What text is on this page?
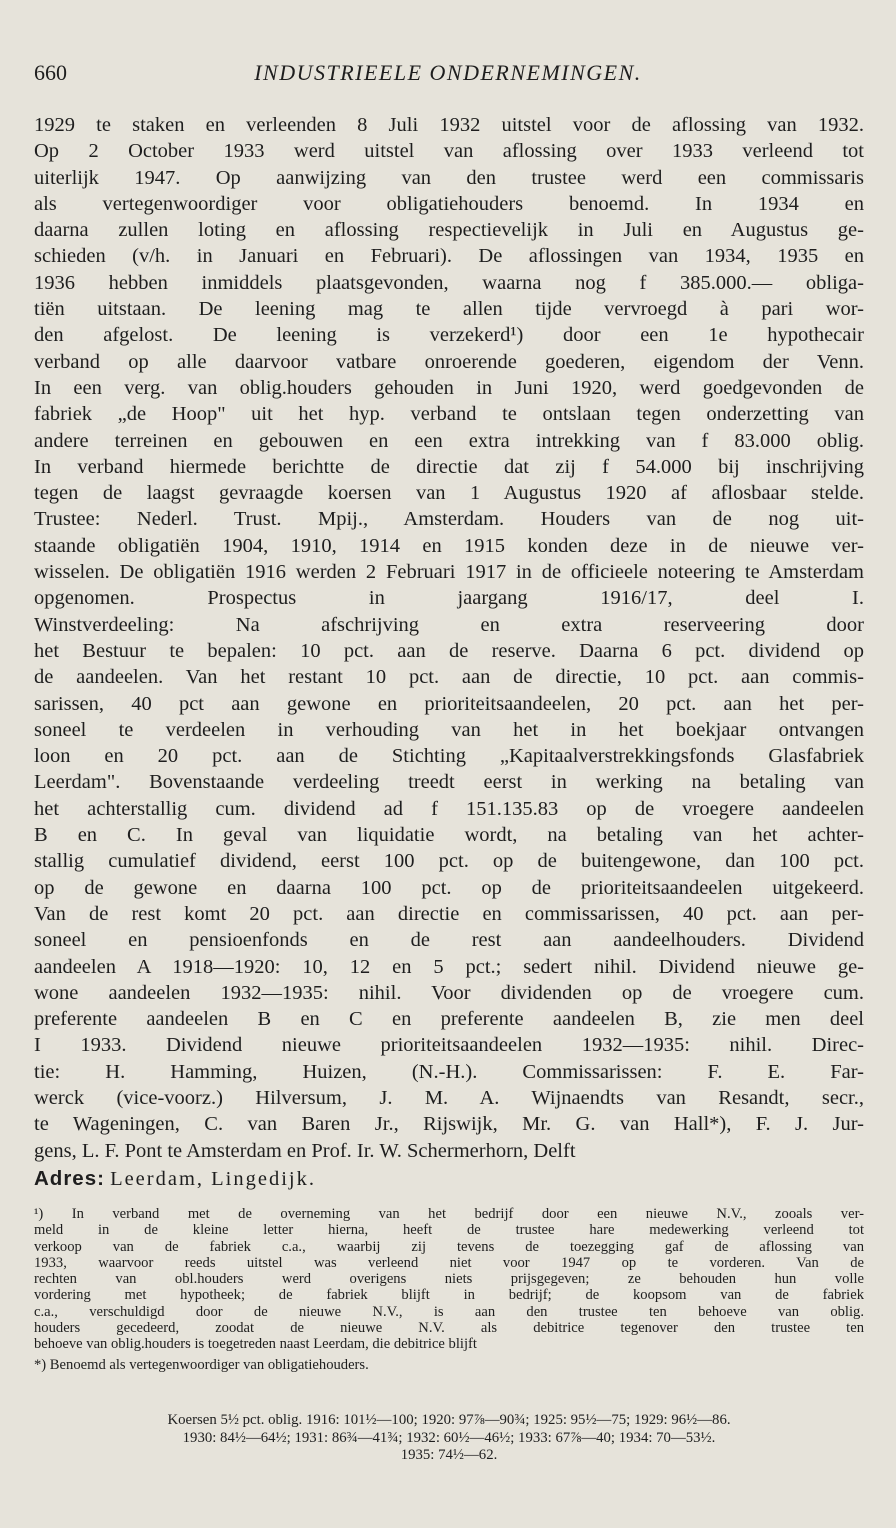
660	INDUSTRIEELE ONDERNEMINGEN.
1929 te staken en verleenden 8 Juli 1932 uitstel voor de aflossing van 1932.
Op 2 October 1933 werd uitstel van aflossing over 1933 verleend tot
uiterlijk 1947. Op aanwijzing van den trustee werd een commissaris
als vertegenwoordiger voor obligatiehouders benoemd. In 1934 en
daarna zullen loting en aflossing respectievelijk in Juli en Augustus ge-
schieden (v/h. in Januari en Februari). De aflossingen van 1934, 1935 en
1936 hebben inmiddels plaatsgevonden, waarna nog f 385.000.— obliga-
tiën uitstaan. De leening mag te allen tijde vervroegd à pari wor-
den afgelost. De leening is verzekerd¹) door een 1e hypothecair
verband op alle daarvoor vatbare onroerende goederen, eigendom der Venn.
In een verg. van oblig.houders gehouden in Juni 1920, werd goedgevonden de
fabriek „de Hoop" uit het hyp. verband te ontslaan tegen onderzetting van
andere terreinen en gebouwen en een extra intrekking van f 83.000 oblig.
In verband hiermede berichtte de directie dat zij f 54.000 bij inschrijving
tegen de laagst gevraagde koersen van 1 Augustus 1920 af aflosbaar stelde.
Trustee: Nederl. Trust. Mpij., Amsterdam. Houders van de nog uit-
staande obligatiën 1904, 1910, 1914 en 1915 konden deze in de nieuwe ver-
wisselen. De obligatiën 1916 werden 2 Februari 1917 in de officieele noteering te Amsterdam opgenomen. Prospectus in jaargang 1916/17, deel I.
Winstverdeeling: Na afschrijving en extra reserveering door
het Bestuur te bepalen: 10 pct. aan de reserve. Daarna 6 pct. dividend op
de aandeelen. Van het restant 10 pct. aan de directie, 10 pct. aan commis-
sarissen, 40 pct aan gewone en prioriteitsaandeelen, 20 pct. aan het per-
soneel te verdeelen in verhouding van het in het boekjaar ontvangen
loon en 20 pct. aan de Stichting „Kapitaalverstrekkingsfonds Glasfabriek
Leerdam". Bovenstaande verdeeling treedt eerst in werking na betaling van
het achterstallig cum. dividend ad f 151.135.83 op de vroegere aandeelen
B en C. In geval van liquidatie wordt, na betaling van het achter-
stallig cumulatief dividend, eerst 100 pct. op de buitengewone, dan 100 pct.
op de gewone en daarna 100 pct. op de prioriteitsaandeelen uitgekeerd.
Van de rest komt 20 pct. aan directie en commissarissen, 40 pct. aan per-
soneel en pensioenfonds en de rest aan aandeelhouders. Dividend
aandeelen A 1918—1920: 10, 12 en 5 pct.; sedert nihil. Dividend nieuwe ge-
wone aandeelen 1932—1935: nihil. Voor dividenden op de vroegere cum.
preferente aandeelen B en C en preferente aandeelen B, zie men deel
I 1933. Dividend nieuwe prioriteitsaandeelen 1932—1935: nihil. Direc-
tie: H. Hamming, Huizen, (N.-H.). Commissarissen: F. E. Far-
werck (vice-voorz.) Hilversum, J. M. A. Wijnaendts van Resandt, secr.,
te Wageningen, C. van Baren Jr., Rijswijk, Mr. G. van Hall*), F. J. Jur-
gens, L. F. Pont te Amsterdam en Prof. Ir. W. Schermerhorn, Delft
Adres: Leerdam, Lingedijk.
¹) In verband met de overneming van het bedrijf door een nieuwe N.V., zooals ver-
meld in de kleine letter hierna, heeft de trustee hare medewerking verleend tot
verkoop van de fabriek c.a., waarbij zij tevens de toezegging gaf de aflossing van
1933, waarvoor reeds uitstel was verleend niet voor 1947 op te vorderen. Van de
rechten van obl.houders werd overigens niets prijsgegeven; ze behouden hun volle
vordering met hypotheek; de fabriek blijft in bedrijf; de koopsom van de fabriek
c.a., verschuldigd door de nieuwe N.V., is aan den trustee ten behoeve van oblig.
houders gecedeerd, zoodat de nieuwe N.V. als debitrice tegenover den trustee ten
behoeve van oblig.houders is toegetreden naast Leerdam, die debitrice blijft
*) Benoemd als vertegenwoordiger van obligatiehouders.
Koersen 5½ pct. oblig. 1916: 101½—100; 1920: 97⅞—90¾; 1925: 95½—75; 1929: 96½—86.
1930: 84½—64½; 1931: 86¾—41¾; 1932: 60½—46½; 1933: 67⅞—40; 1934: 70—53½.
1935: 74½—62.
